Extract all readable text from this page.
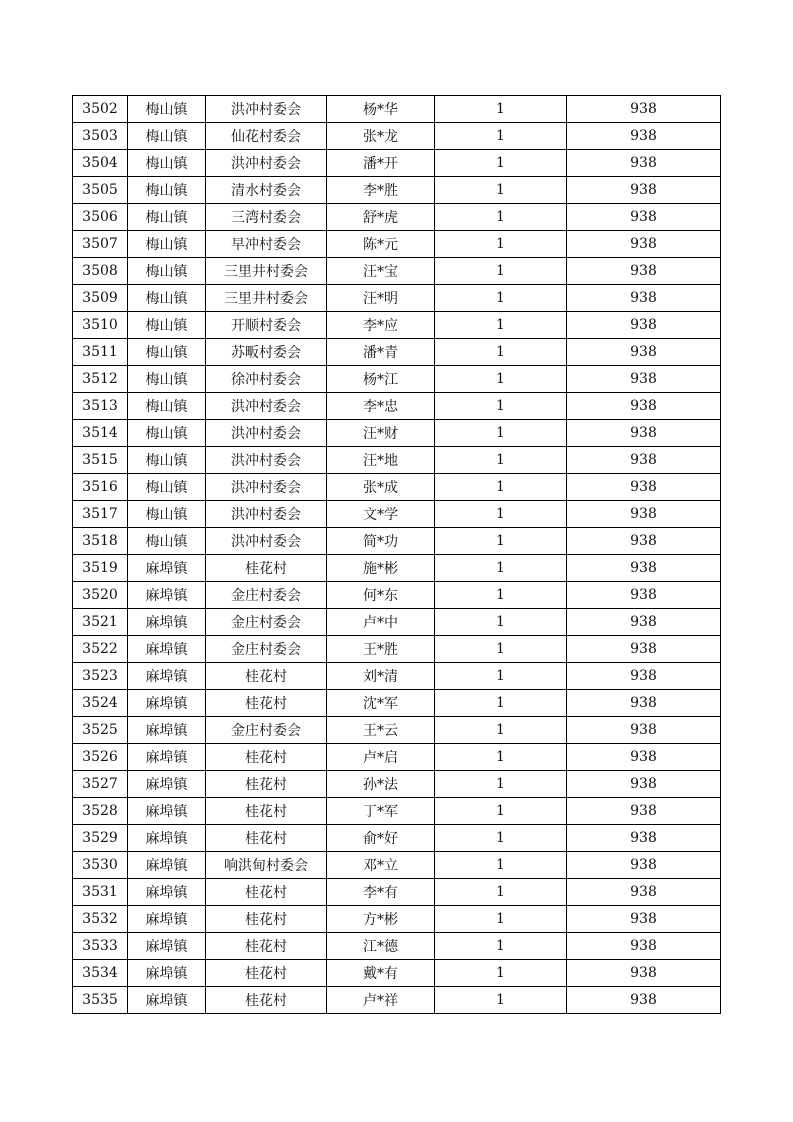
3502	梅山镇	洪冲村委会	杨*华	1	938
3503	梅山镇	仙花村委会	张*龙	1	938
3504	梅山镇	洪冲村委会	潘*开	1	938
3505	梅山镇	清水村委会	李*胜	1	938
3506	梅山镇	三湾村委会	舒*虎	1	938
3507	梅山镇	早冲村委会	陈*元	1	938
3508	梅山镇	三里井村委会	汪*宝	1	938
3509	梅山镇	三里井村委会	汪*明	1	938
3510	梅山镇	开顺村委会	李*应	1	938
3511	梅山镇	苏畈村委会	潘*青	1	938
3512	梅山镇	徐冲村委会	杨*江	1	938
3513	梅山镇	洪冲村委会	李*忠	1	938
3514	梅山镇	洪冲村委会	汪*财	1	938
3515	梅山镇	洪冲村委会	汪*地	1	938
3516	梅山镇	洪冲村委会	张*成	1	938
3517	梅山镇	洪冲村委会	文*学	1	938
3518	梅山镇	洪冲村委会	简*功	1	938
3519	麻埠镇	桂花村	施*彬	1	938
3520	麻埠镇	金庄村委会	何*东	1	938
3521	麻埠镇	金庄村委会	卢*中	1	938
3522	麻埠镇	金庄村委会	王*胜	1	938
3523	麻埠镇	桂花村	刘*清	1	938
3524	麻埠镇	桂花村	沈*军	1	938
3525	麻埠镇	金庄村委会	王*云	1	938
3526	麻埠镇	桂花村	卢*启	1	938
3527	麻埠镇	桂花村	孙*法	1	938
3528	麻埠镇	桂花村	丁*军	1	938
3529	麻埠镇	桂花村	俞*好	1	938
3530	麻埠镇	响洪甸村委会	邓*立	1	938
3531	麻埠镇	桂花村	李*有	1	938
3532	麻埠镇	桂花村	方*彬	1	938
3533	麻埠镇	桂花村	江*德	1	938
3534	麻埠镇	桂花村	戴*有	1	938
3535	麻埠镇	桂花村	卢*祥	1	938
